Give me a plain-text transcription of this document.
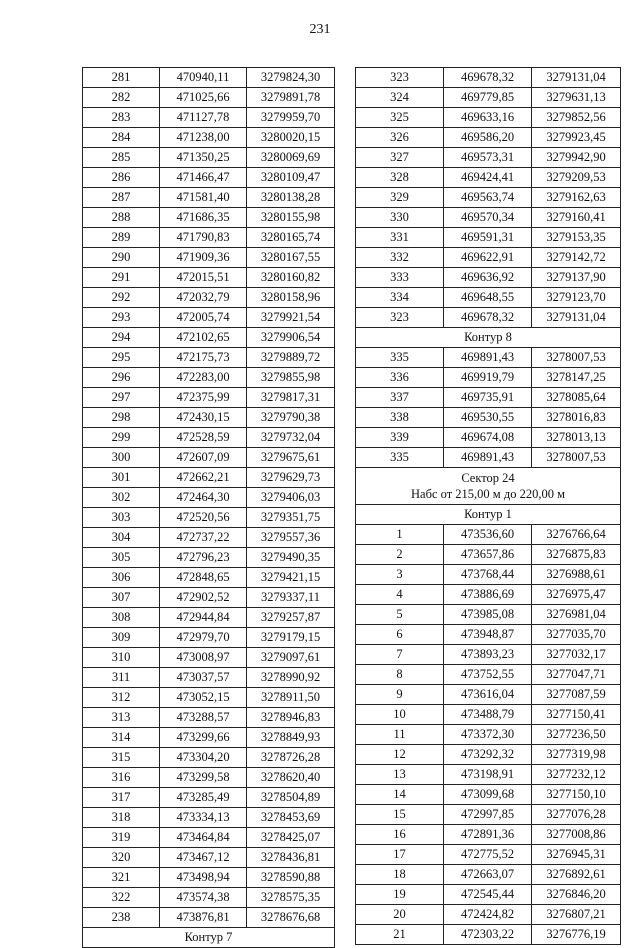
231
281	470940,11	3279824,30
282	471025,66	3279891,78
283	471127,78	3279959,70
284	471238,00	3280020,15
285	471350,25	3280069,69
286	471466,47	3280109,47
287	471581,40	3280138,28
288	471686,35	3280155,98
289	471790,83	3280165,74
290	471909,36	3280167,55
291	472015,51	3280160,82
292	472032,79	3280158,96
293	472005,74	3279921,54
294	472102,65	3279906,54
295	472175,73	3279889,72
296	472283,00	3279855,98
297	472375,99	3279817,31
298	472430,15	3279790,38
299	472528,59	3279732,04
300	472607,09	3279675,61
301	472662,21	3279629,73
302	472464,30	3279406,03
303	472520,56	3279351,75
304	472737,22	3279557,36
305	472796,23	3279490,35
306	472848,65	3279421,15
307	472902,52	3279337,11
308	472944,84	3279257,87
309	472979,70	3279179,15
310	473008,97	3279097,61
311	473037,57	3278990,92
312	473052,15	3278911,50
313	473288,57	3278946,83
314	473299,66	3278849,93
315	473304,20	3278726,28
316	473299,58	3278620,40
317	473285,49	3278504,89
318	473334,13	3278453,69
319	473464,84	3278425,07
320	473467,12	3278436,81
321	473498,94	3278590,88
322	473574,38	3278575,35
238	473876,81	3278676,68
Контур 7		
323	469678,32	3279131,04
324	469779,85	3279631,13
325	469633,16	3279852,56
326	469586,20	3279923,45
327	469573,31	3279942,90
328	469424,41	3279209,53
329	469563,74	3279162,63
330	469570,34	3279160,41
331	469591,31	3279153,35
332	469622,91	3279142,72
333	469636,92	3279137,90
334	469648,55	3279123,70
323	469678,32	3279131,04
Контур 8		
335	469891,43	3278007,53
336	469919,79	3278147,25
337	469735,91	3278085,64
338	469530,55	3278016,83
339	469674,08	3278013,13
335	469891,43	3278007,53
Сектор 24
Набс от 215,00 м до 220,00 м		
Контур 1		
1	473536,60	3276766,64
2	473657,86	3276875,83
3	473768,44	3276988,61
4	473886,69	3276975,47
5	473985,08	3276981,04
6	473948,87	3277035,70
7	473893,23	3277032,17
8	473752,55	3277047,71
9	473616,04	3277087,59
10	473488,79	3277150,41
11	473372,30	3277236,50
12	473292,32	3277319,98
13	473198,91	3277232,12
14	473099,68	3277150,10
15	472997,85	3277076,28
16	472891,36	3277008,86
17	472775,52	3276945,31
18	472663,07	3276892,61
19	472545,44	3276846,20
20	472424,82	3276807,21
21	472303,22	3276776,19
